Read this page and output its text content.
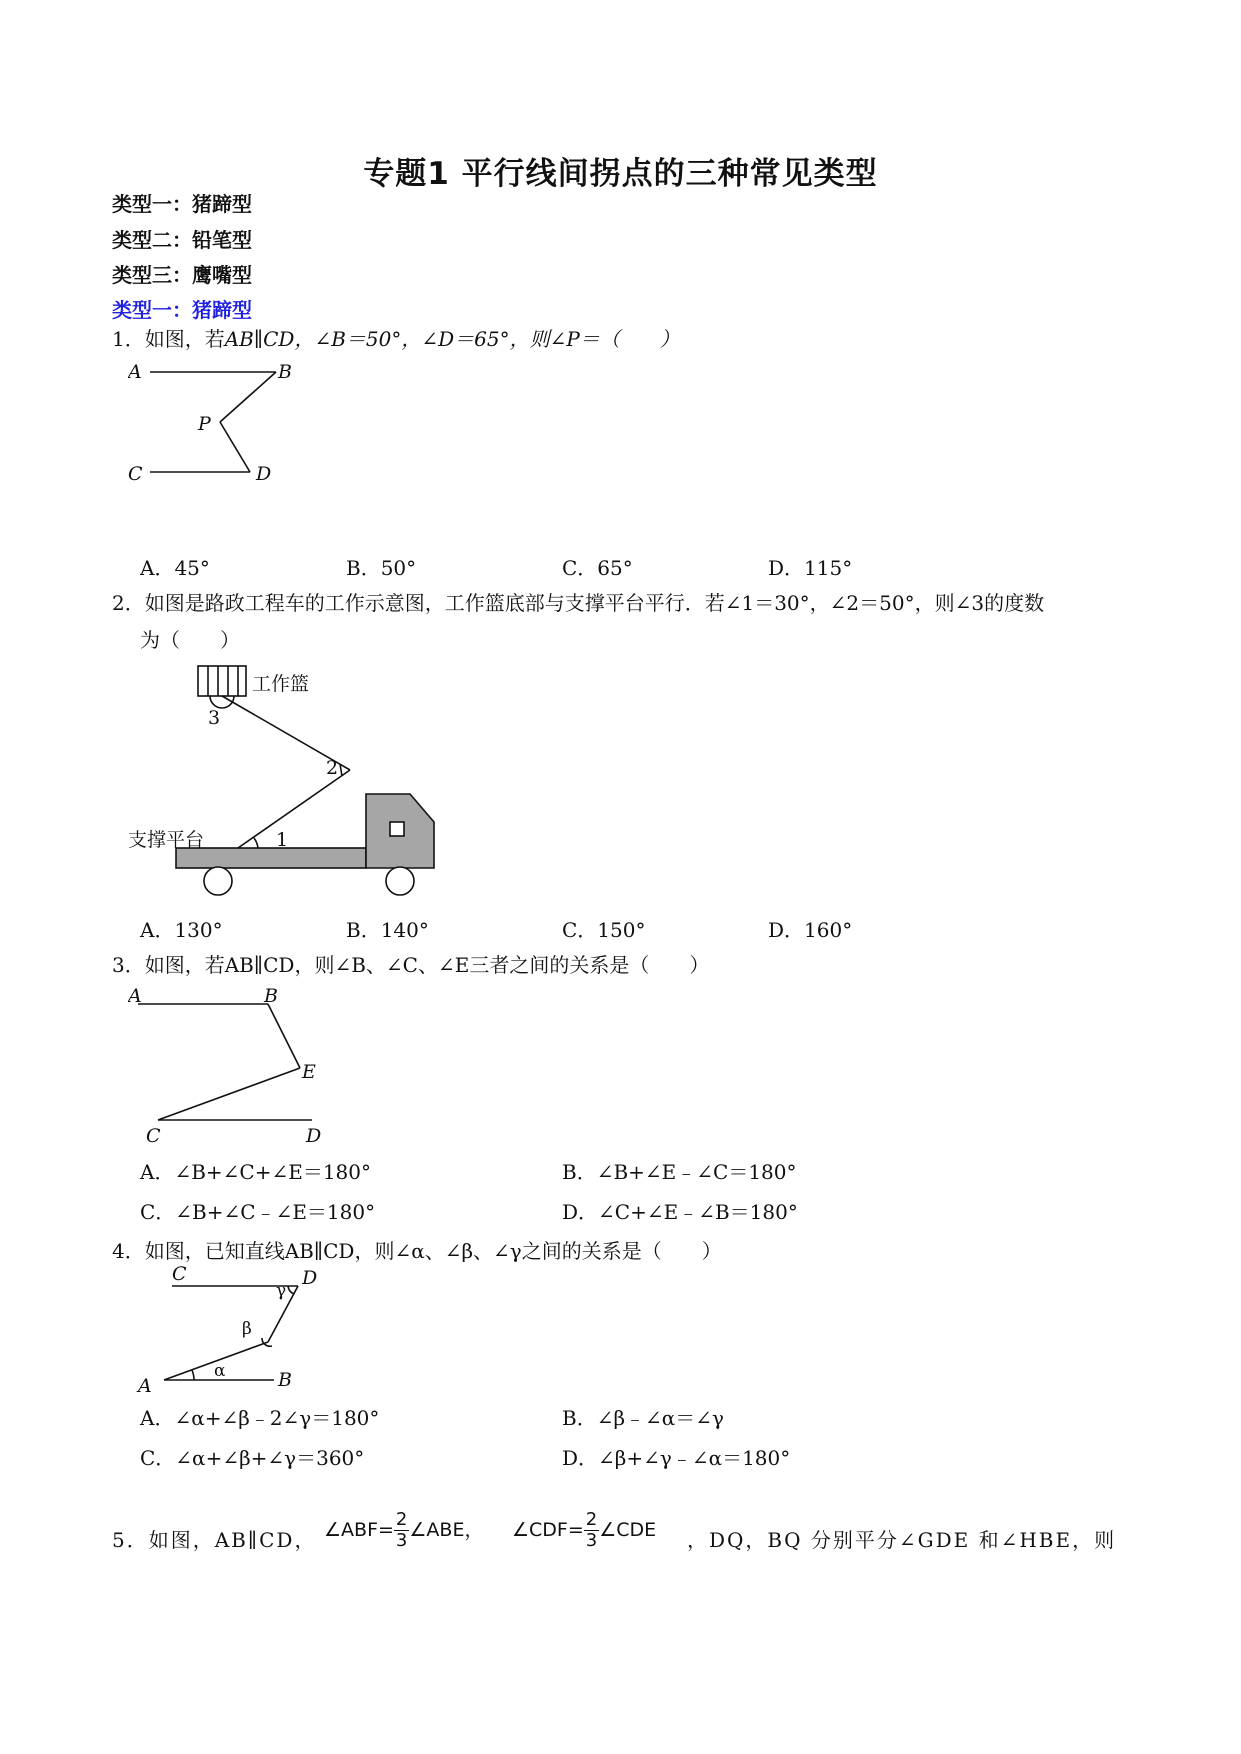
专题1 平行线间拐点的三种常见类型
类型一：猪蹄型
类型二：铅笔型
类型三：鹰嘴型
类型一：猪蹄型
1．如图，若AB∥CD，∠B＝50°，∠D＝65°，则∠P＝（　　）
A	B
P
C	D
A．45°	B．50°	C．65°	D．115°
2．如图是路政工程车的工作示意图，工作篮底部与支撑平台平行．若∠1＝30°，∠2＝50°，则∠3的度数
为（　　）
工作篮
支撑平台	1
2
3
A．130°	B．140°	C．150°	D．160°
3．如图，若AB∥CD，则∠B、∠C、∠E三者之间的关系是（　　）
A	B
E
C	D
A．∠B+∠C+∠E＝180°	B．∠B+∠E﹣∠C＝180°
C．∠B+∠C﹣∠E＝180°	D．∠C+∠E﹣∠B＝180°
4．如图，已知直线AB∥CD，则∠α、∠β、∠γ之间的关系是（　　）
C	D
A	B
γ
β
α
A．∠α+∠β﹣2∠γ＝180°	B．∠β﹣∠α＝∠γ
C．∠α+∠β+∠γ＝360°	D．∠β+∠γ﹣∠α＝180°
5．如图，AB∥CD， ∠ABF= $\frac{2}{3}$ ∠ABE， ∠CDF= $\frac{2}{3}$ ∠CDE ，DQ，BQ 分别平分∠GDE 和∠HBE，则
